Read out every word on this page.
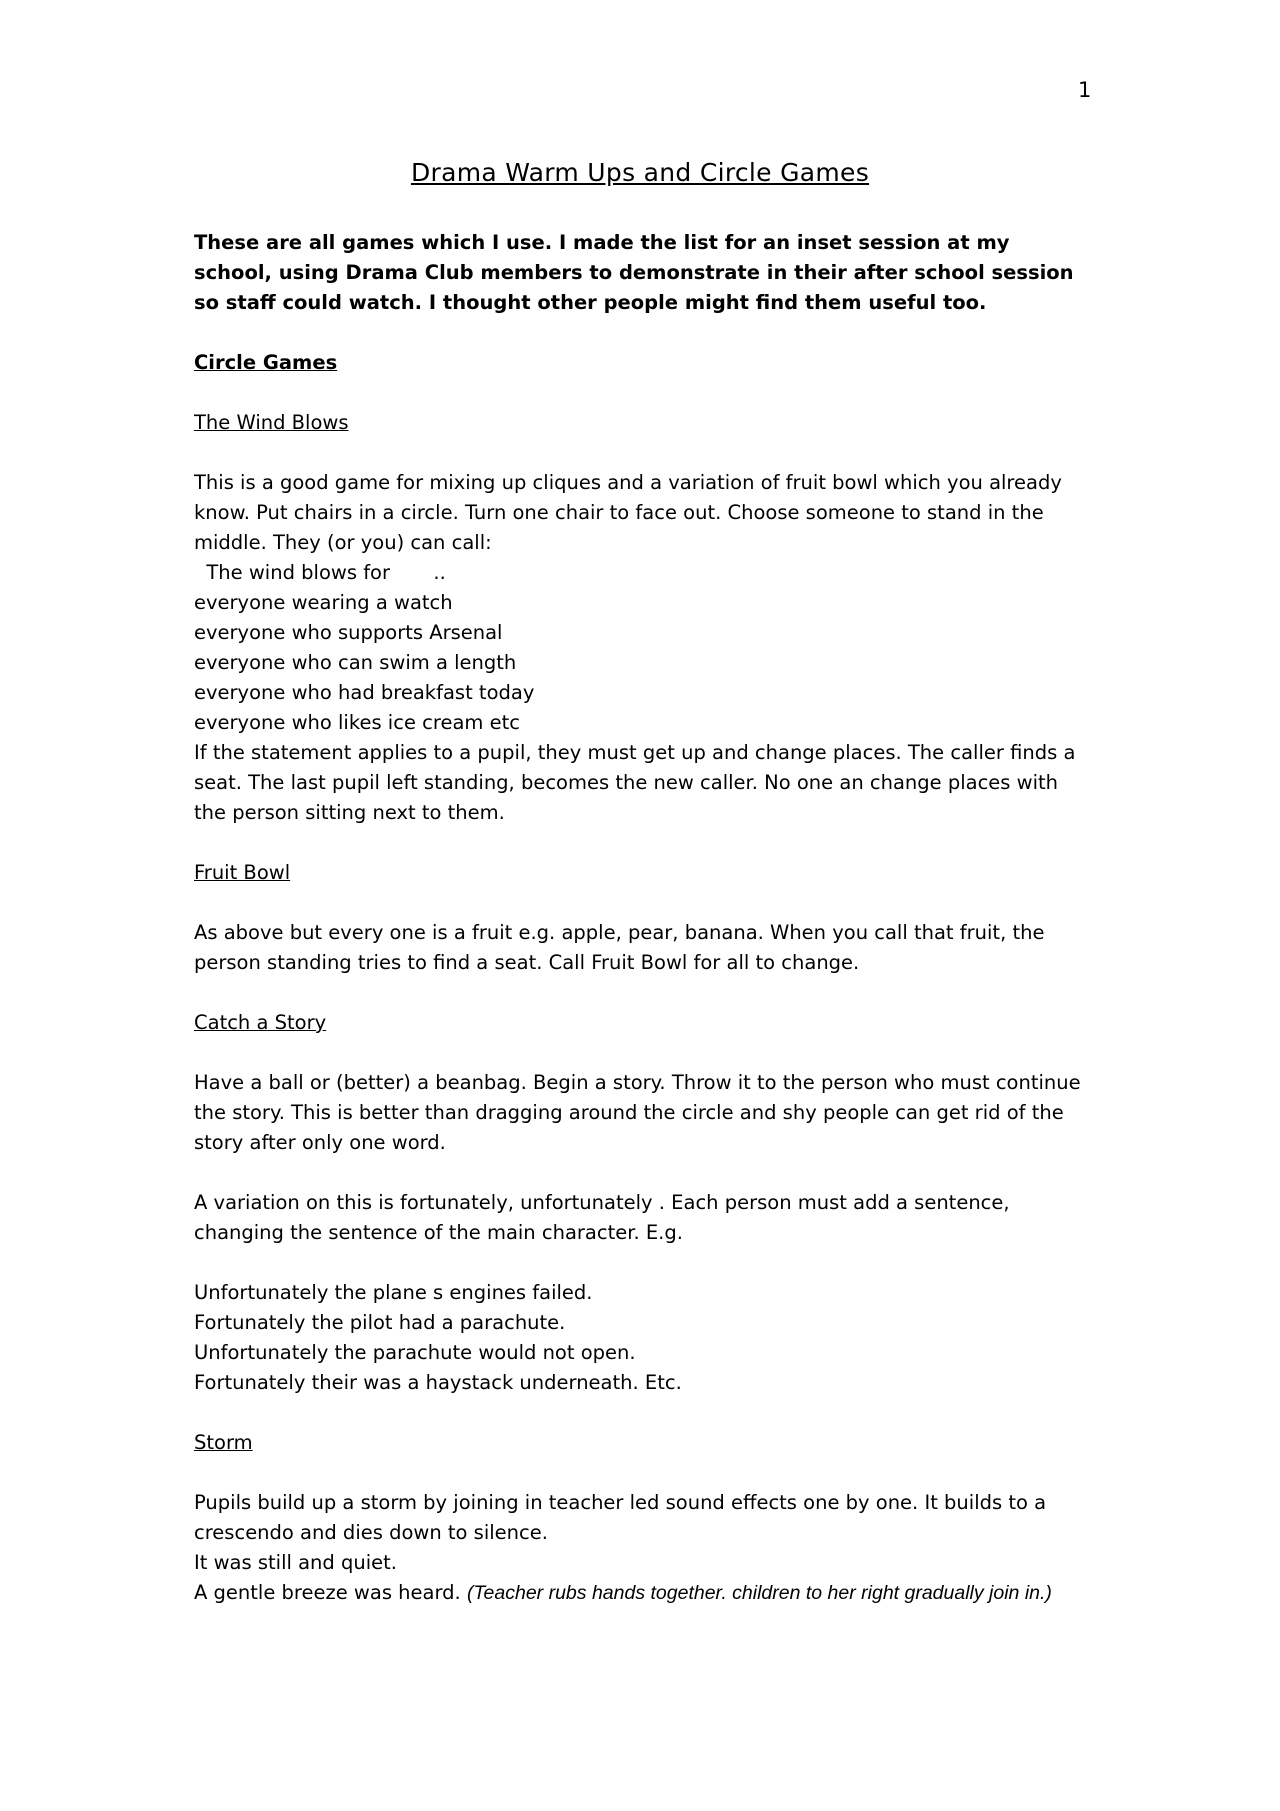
1
Drama Warm Ups and Circle Games

These are all games which I use. I made the list for an inset session at my school, using Drama Club members to demonstrate in their after school session so staff could watch. I thought other people might find them useful too.

Circle Games

The Wind Blows

This is a good game for mixing up cliques and a variation of fruit bowl which you already know. Put chairs in a circle. Turn one chair to face out. Choose someone to stand in the middle. They (or you) can call:

The wind blows for       ..

everyone wearing a watch

everyone who supports Arsenal

everyone who can swim a length

everyone who had breakfast today

everyone who likes ice cream etc

If the statement applies to a pupil, they must get up and change places. The caller finds a seat. The last pupil left standing, becomes the new caller. No one an change places with the person sitting next to them.

Fruit Bowl

As above but every one is a fruit e.g. apple, pear, banana. When you call that fruit, the person standing tries to find a seat. Call Fruit Bowl for all to change.

Catch a Story

Have a ball or (better) a beanbag. Begin a story. Throw it to the person who must continue the story. This is better than dragging around the circle and shy people can get rid of the story after only one word.

A variation on this is fortunately, unfortunately . Each person must add a sentence, changing the sentence of the main character. E.g.

Unfortunately the plane s engines failed.

Fortunately the pilot had a parachute.

Unfortunately the parachute would not open.

Fortunately their was a haystack underneath. Etc.

Storm

Pupils build up a storm by joining in teacher led sound effects one by one. It builds to a crescendo and dies down to silence.

It was still and quiet.

A gentle breeze was heard. (Teacher rubs hands together. children to her right gradually join in.)
